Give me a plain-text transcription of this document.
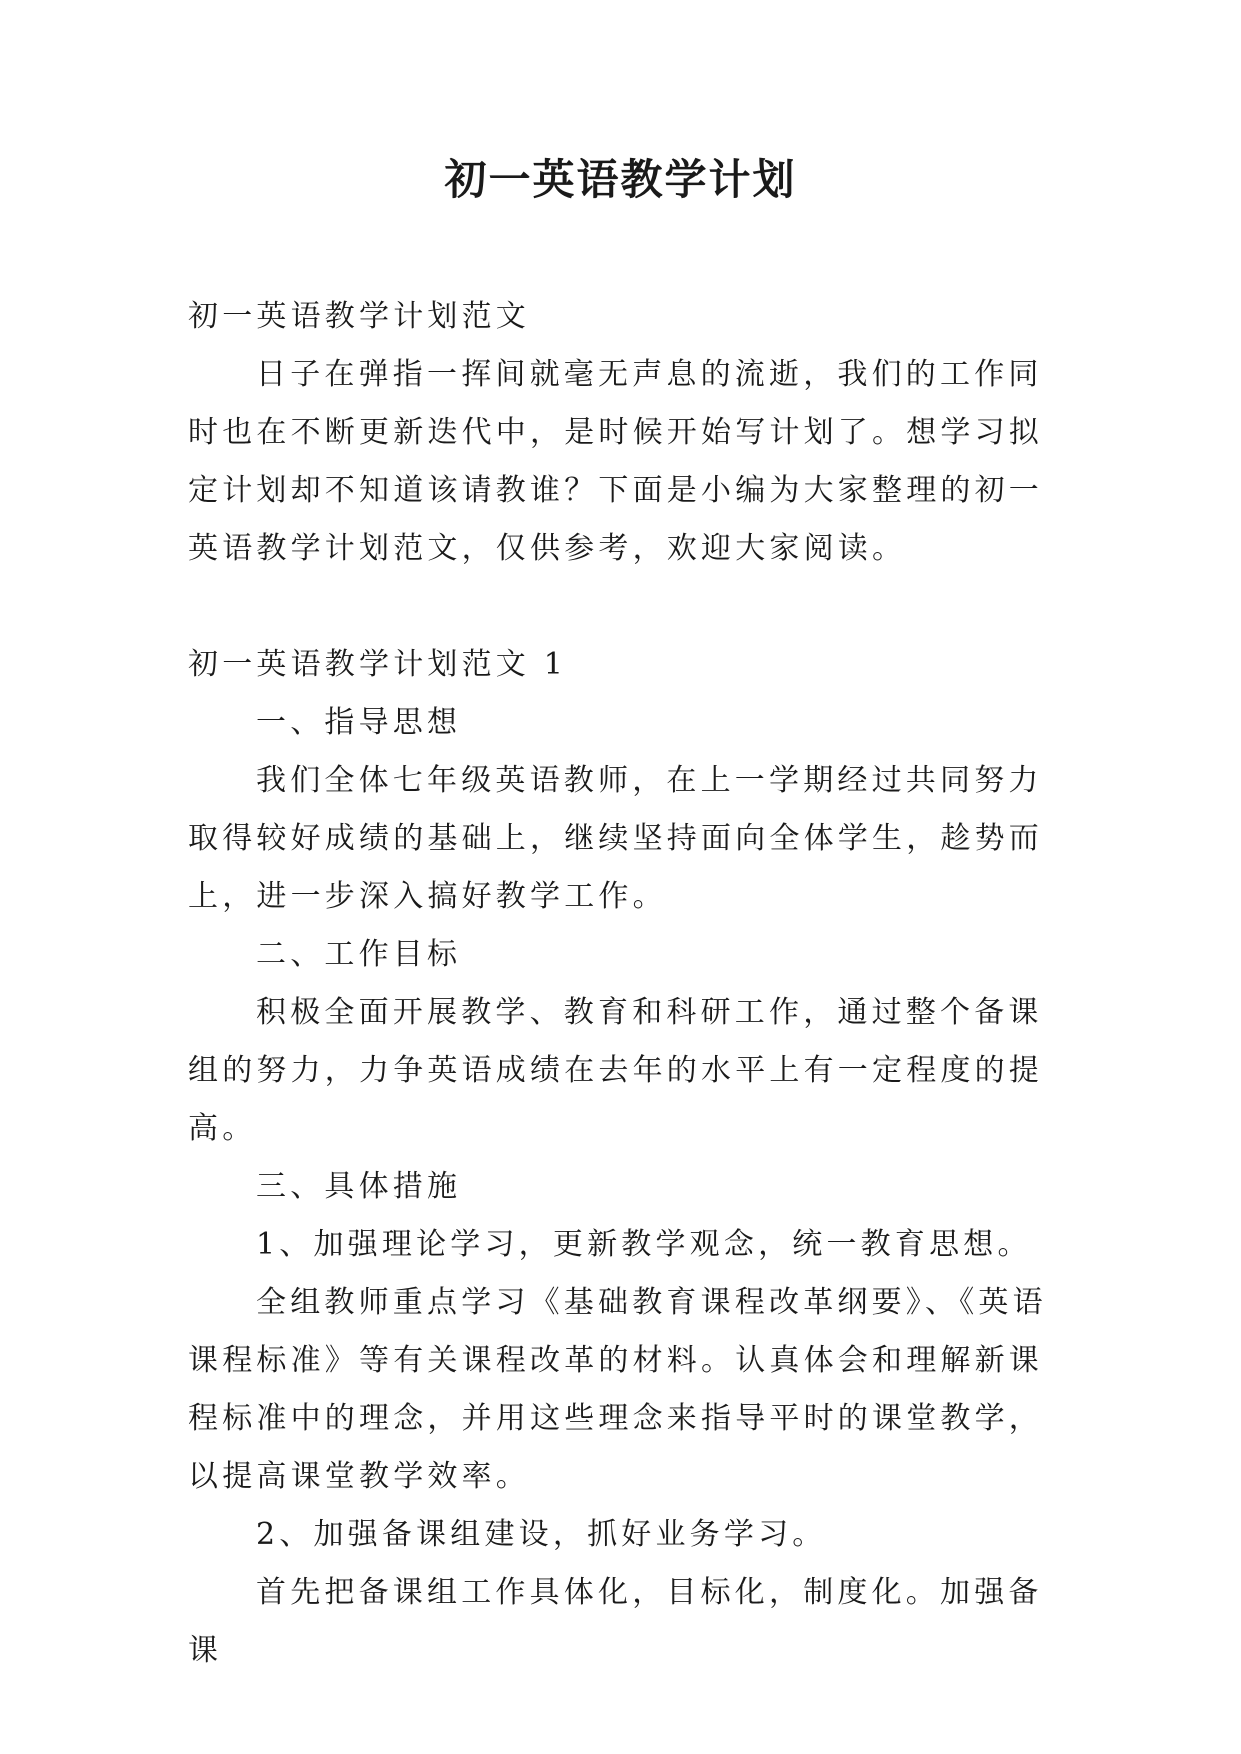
初一英语教学计划

初一英语教学计划范文

日子在弹指一挥间就毫无声息的流逝，我们的工作同时也在不断更新迭代中，是时候开始写计划了。想学习拟定计划却不知道该请教谁？下面是小编为大家整理的初一英语教学计划范文，仅供参考，欢迎大家阅读。

初一英语教学计划范文 1

一、指导思想

我们全体七年级英语教师，在上一学期经过共同努力取得较好成绩的基础上，继续坚持面向全体学生，趁势而上，进一步深入搞好教学工作。

二、工作目标

积极全面开展教学、教育和科研工作，通过整个备课组的努力，力争英语成绩在去年的水平上有一定程度的提高。

三、具体措施

1、加强理论学习，更新教学观念，统一教育思想。

全组教师重点学习《基础教育课程改革纲要》、《英语课程标准》等有关课程改革的材料。认真体会和理解新课程标准中的理念，并用这些理念来指导平时的课堂教学，以提高课堂教学效率。

2、加强备课组建设，抓好业务学习。

首先把备课组工作具体化，目标化，制度化。加强备课
